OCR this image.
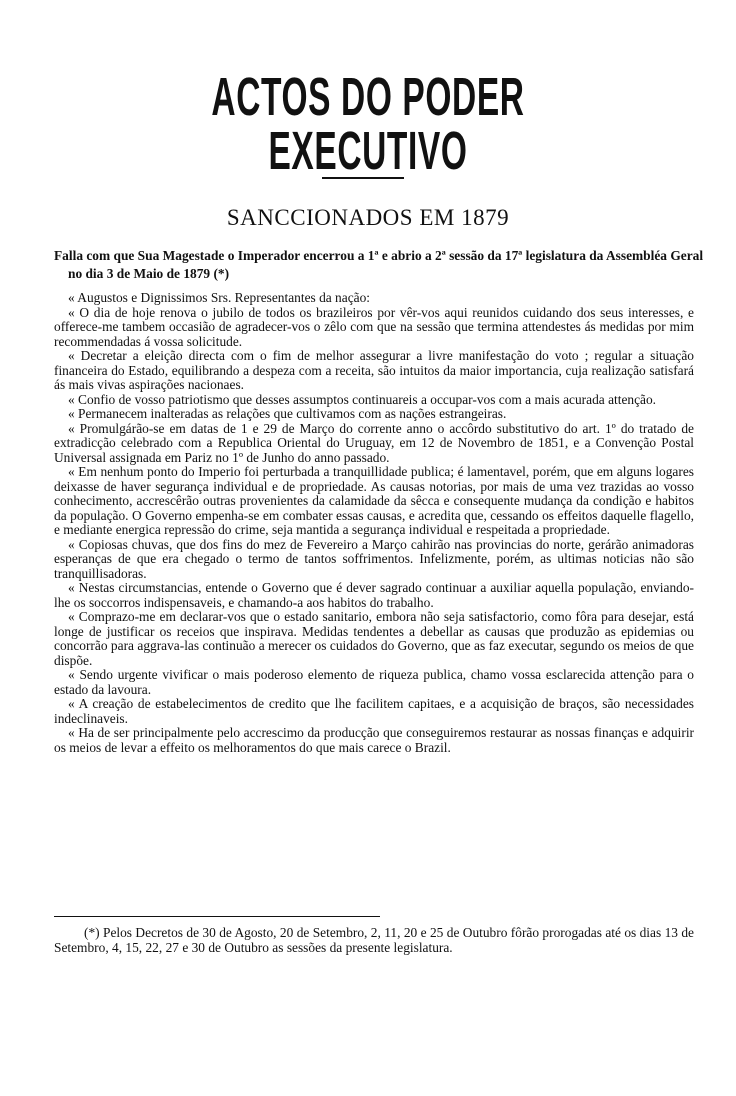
ACTOS DO PODER EXECUTIVO
SANCCIONADOS EM 1879
Falla com que Sua Magestade o Imperador encerrou a 1ª e abrio a 2ª sessão da 17ª legislatura da Assembléa Geral no dia 3 de Maio de 1879 (*)

« Augustos e Dignissimos Srs. Representantes da nação:

« O dia de hoje renova o jubilo de todos os brazileiros por vêr-vos aqui reunidos cuidando dos seus interesses, e offerece-me tambem occasião de agradecer-vos o zêlo com que na sessão que termina attendestes ás medidas por mim recommendadas á vossa solicitude.

« Decretar a eleição directa com o fim de melhor assegurar a livre manifestação do voto ; regular a situação financeira do Estado, equilibrando a despeza com a receita, são intuitos da maior importancia, cuja realização satisfará ás mais vivas aspirações nacionaes.

« Confio de vosso patriotismo que desses assumptos continuareis a occupar-vos com a mais acurada attenção.

« Permanecem inalteradas as relações que cultivamos com as nações estrangeiras.

« Promulgárão-se em datas de 1 e 29 de Março do corrente anno o accôrdo substitutivo do art. 1º do tratado de extradicção celebrado com a Republica Oriental do Uruguay, em 12 de Novembro de 1851, e a Convenção Postal Universal assignada em Pariz no 1º de Junho do anno passado.

« Em nenhum ponto do Imperio foi perturbada a tranquillidade publica; é lamentavel, porém, que em alguns logares deixasse de haver segurança individual e de propriedade. As causas notorias, por mais de uma vez trazidas ao vosso conhecimento, accrescêrão outras provenientes da calamidade da sêcca e consequente mudança da condição e habitos da população. O Governo empenha-se em combater essas causas, e acredita que, cessando os effeitos daquelle flagello, e mediante energica repressão do crime, seja mantida a segurança individual e respeitada a propriedade.

« Copiosas chuvas, que dos fins do mez de Fevereiro a Março cahirão nas provincias do norte, gerárão animadoras esperanças de que era chegado o termo de tantos soffrimentos. Infelizmente, porém, as ultimas noticias não são tranquillisadoras.

« Nestas circumstancias, entende o Governo que é dever sagrado continuar a auxiliar aquella população, enviando-lhe os soccorros indispensaveis, e chamando-a aos habitos do trabalho.

« Comprazo-me em declarar-vos que o estado sanitario, embora não seja satisfactorio, como fôra para desejar, está longe de justificar os receios que inspirava. Medidas tendentes a debellar as causas que produzão as epidemias ou concorrão para aggrava-las continuão a merecer os cuidados do Governo, que as faz executar, segundo os meios de que dispõe.

« Sendo urgente vivificar o mais poderoso elemento de riqueza publica, chamo vossa esclarecida attenção para o estado da lavoura.

« A creação de estabelecimentos de credito que lhe facilitem capitaes, e a acquisição de braços, são necessidades indeclinaveis.

« Ha de ser principalmente pelo accrescimo da producção que conseguiremos restaurar as nossas finanças e adquirir os meios de levar a effeito os melhoramentos do que mais carece o Brazil.

(*) Pelos Decretos de 30 de Agosto, 20 de Setembro, 2, 11, 20 e 25 de Outubro fôrão prorogadas até os dias 13 de Setembro, 4, 15, 22, 27 e 30 de Outubro as sessões da presente legislatura.
